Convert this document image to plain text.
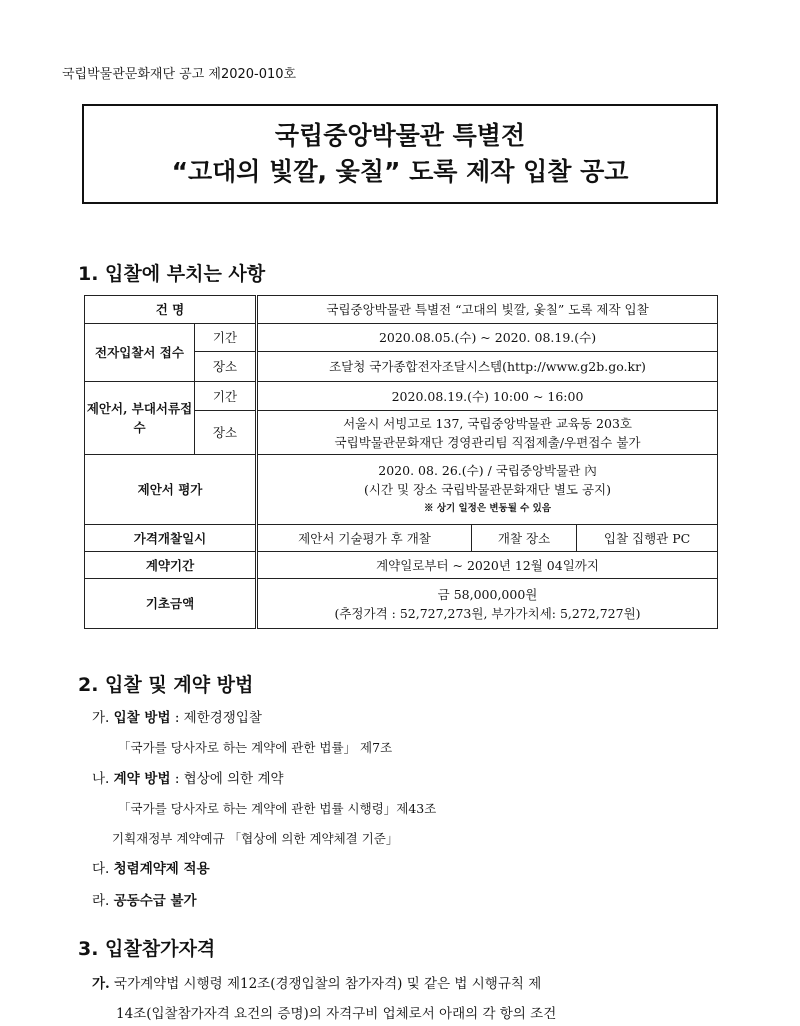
국립박물관문화재단 공고 제2020-010호
국립중앙박물관 특별전
“고대의 빛깔, 옻칠” 도록 제작 입찰 공고
1. 입찰에 부치는 사항
건 명		국립중앙박물관 특별전 “고대의 빛깔, 옻칠” 도록 제작 입찰		
전자입찰서 접수	기간	2020.08.05.(수) ~ 2020. 08.19.(수)		
	장소	조달청 국가종합전자조달시스템(http://www.g2b.go.kr)		
제안서, 부대서류접수	기간	2020.08.19.(수) 10:00 ~ 16:00		
	장소	서울시 서빙고로 137, 국립중앙박물관 교육동 203호
국립박물관문화재단 경영관리팀 직접제출/우편접수 불가		

제안서 평가		2020. 08. 26.(수) / 국립중앙박물관 內
(시간 및 장소 국립박물관문화재단 별도 공지)
※ 상기 일정은 변동될 수 있음		

가격개찰일시		제안서 기술평가 후 개찰	개찰 장소	입찰 집행관 PC
계약기간		계약일로부터 ~ 2020년 12월 04일까지		
기초금액		금 58,000,000원
(추정가격 : 52,727,273원, 부가가치세: 5,272,727원)		
2. 입찰 및 계약 방법
가. 입찰 방법 : 제한경쟁입찰
「국가를 당사자로 하는 계약에 관한 법률」 제7조
나. 계약 방법 : 협상에 의한 계약
「국가를 당사자로 하는 계약에 관한 법률 시행령」제43조
기획재정부 계약예규 「협상에 의한 계약체결 기준」
다. 청렴계약제 적용
라. 공동수급 불가
3. 입찰참가자격
가. 국가계약법 시행령 제12조(경쟁입찰의 참가자격) 및 같은 법 시행규칙 제
14조(입찰참가자격 요건의 증명)의 자격구비 업체로서 아래의 각 항의 조건
